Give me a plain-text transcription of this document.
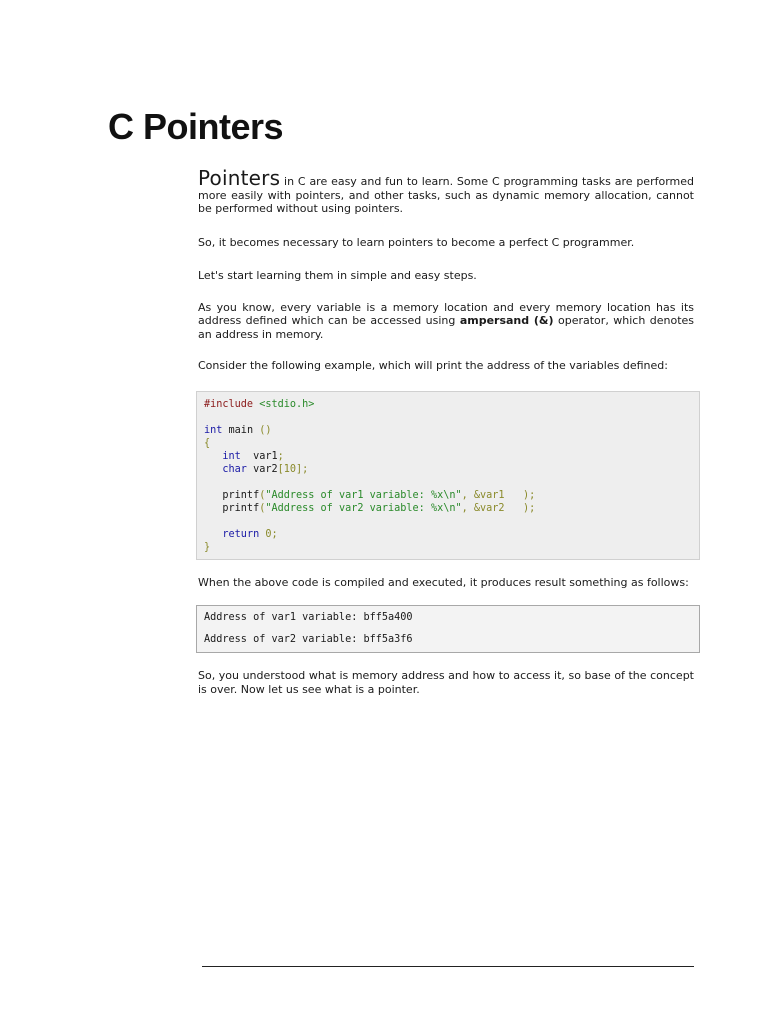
C Pointers

Pointers in C are easy and fun to learn. Some C programming tasks are performed more easily with pointers, and other tasks, such as dynamic memory allocation, cannot be performed without using pointers.

So, it becomes necessary to learn pointers to become a perfect C programmer.

Let's start learning them in simple and easy steps.

As you know, every variable is a memory location and every memory location has its address defined which can be accessed using ampersand (&) operator, which denotes an address in memory.

Consider the following example, which will print the address of the variables defined:

#include <stdio.h>
int main ()
{
int  var1;
char var2[10];
printf("Address of var1 variable: %x\n", &var1   );
printf("Address of var2 variable: %x\n", &var2   );
return 0;
}

When the above code is compiled and executed, it produces result something as follows:

Address of var1 variable: bff5a400
Address of var2 variable: bff5a3f6

So, you understood what is memory address and how to access it, so base of the concept is over. Now let us see what is a pointer.
